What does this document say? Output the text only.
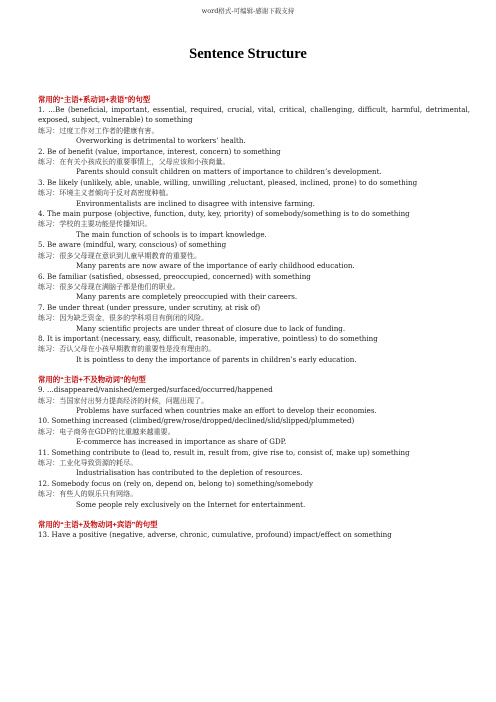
word格式-可编辑-感谢下载支持
Sentence Structure

常用的“主语+系动词+表语”的句型

1. ...Be (beneficial, important, essential, required, crucial, vital, critical, challenging, difficult, harmful, detrimental, exposed, subject, vulnerable) to something

练习：过度工作对工作者的健康有害。

Overworking is detrimental to workers’ health.

2. Be of benefit (value, importance, interest, concern) to something

练习：在有关小孩成长的重要事情上，父母应该和小孩商量。

Parents should consult children on matters of importance to children’s development.

3. Be likely (unlikely, able, unable, willing, unwilling ,reluctant, pleased, inclined, prone) to do something

练习：环境主义者倾向于反对高密度种植。

Environmentalists are inclined to disagree with intensive farming.

4. The main purpose (objective, function, duty, key, priority) of somebody/something is to do something

练习：学校的主要功能是传播知识。

The main function of schools is to impart knowledge.

5. Be aware (mindful, wary, conscious) of something

练习：很多父母现在意识到儿童早期教育的重要性。

Many parents are now aware of the importance of early childhood education.

6. Be familiar (satisfied, obsessed, preoccupied, concerned) with something

练习：很多父母现在满脑子都是他们的职业。

Many parents are completely preoccupied with their careers.

7. Be under threat (under pressure, under scrutiny, at risk of)

练习：因为缺乏资金，很多的学科项目有倒闭的风险。

Many scientific projects are under threat of closure due to lack of funding.

8. It is important (necessary, easy, difficult, reasonable, imperative, pointless) to do something

练习：否认父母在小孩早期教育的重要性是没有理由的。

It is pointless to deny the importance of parents in children’s early education.

常用的“主语+不及物动词”的句型

9. ...disappeared/vanished/emerged/surfaced/occurred/happened

练习：当国家付出努力提高经济的时候，问题出现了。

Problems have surfaced when countries make an effort to develop their economies.

10. Something increased (climbed/grew/rose/dropped/declined/slid/slipped/plummeted)

练习：电子商务在GDP的比重越来越重要。

E-commerce has increased in importance as share of GDP.

11. Something contribute to (lead to, result in, result from, give rise to, consist of, make up) something

练习：工业化导致资源的耗尽。

Industrialisation has contributed to the depletion of resources.

12. Somebody focus on (rely on, depend on, belong to) something/somebody

练习：有些人的娱乐只有网络。

Some people rely exclusively on the Internet for entertainment.

常用的“主语+及物动词+宾语”的句型

13. Have a positive (negative, adverse, chronic, cumulative, profound) impact/effect on something
